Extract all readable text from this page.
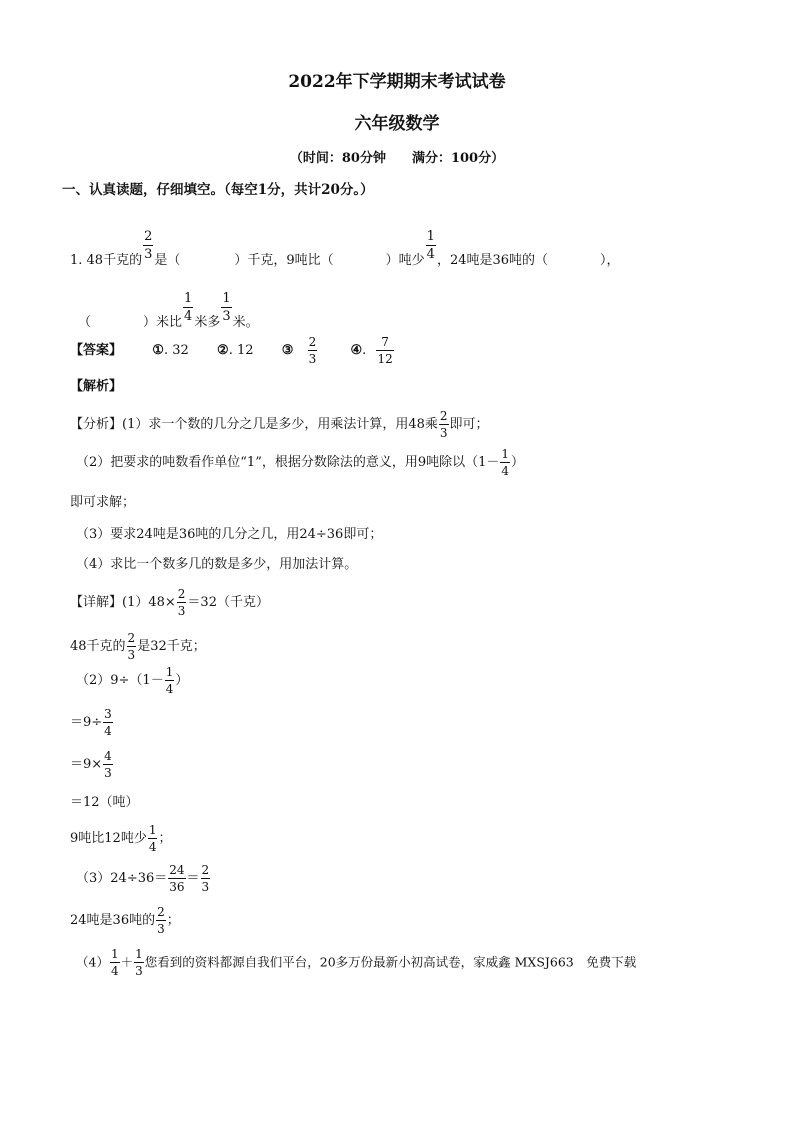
2022年下学期期末考试试卷
六年级数学
（时间：80分钟　　满分：100分）
一、认真读题，仔细填空。（每空1分，共计20分。）
1. 48千克的 $\frac{2}{3}$ 是（	）千克，9吨比（	）吨少 $\frac{1}{4}$ ，24吨是36吨的（	），
（	）米比 $\frac{1}{4}$ 米多 $\frac{1}{3}$ 米。
【答案】 ①. 32 ②. 12 ③ $\frac{2}{3}$	④. $\frac{7}{12}$
【解析】
【分析】(1）求一个数的几分之几是多少，用乘法计算，用48乘 $\frac{2}{3}$ 即可；
（2）把要求的吨数看作单位“1”，根据分数除法的意义，用9吨除以（$1- \frac{1}{4}$ ）
即可求解；
（3）要求24吨是36吨的几分之几，用24÷36即可；
（4）求比一个数多几的数是多少，用加法计算。
【详解】$(1)48\times \frac{2}{3} =32$（千克）
48千克的 $\frac{2}{3}$ 是32千克；
$(2)9\div(1- \frac{1}{4}$ ）
$=9\div \frac{3}{4}$
$=9\times \frac{4}{3}$
＝12（吨）
9吨比12吨少 $\frac{1}{4}$ ；
$(3)24\div 36= \frac{24}{36} = \frac{2}{3}$
24吨是36吨的 $\frac{2}{3}$ ；
$(4) \frac{1}{4} + \frac{1}{3}$ 您看到的资料都源自我们平台，20多万份最新小初高试卷，家威鑫 MXSJ663　免费下载
